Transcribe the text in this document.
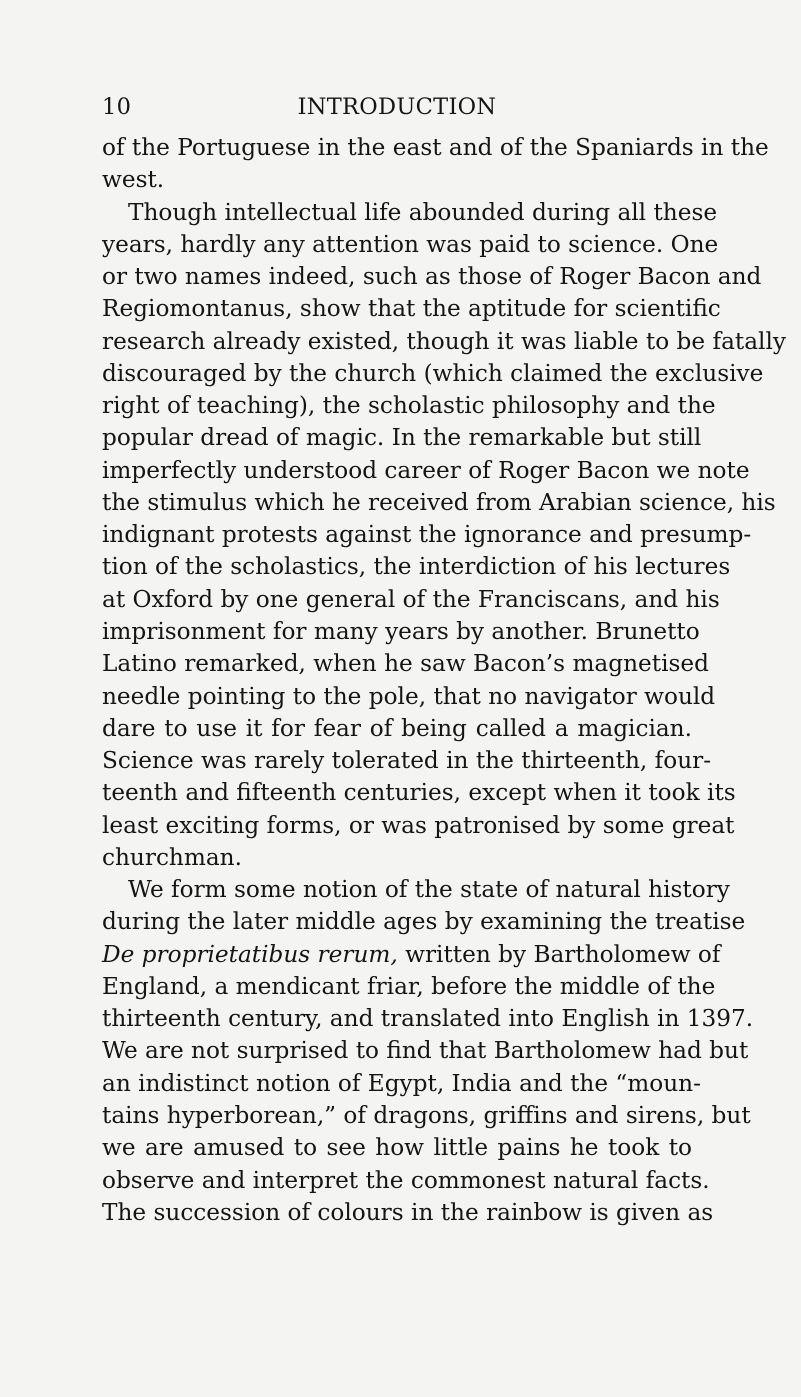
10	INTRODUCTION
of the Portuguese in the east and of the Spaniards in the
west.
Though intellectual life abounded during all these
years, hardly any attention was paid to science. One
or two names indeed, such as those of Roger Bacon and
Regiomontanus, show that the aptitude for scientific
research already existed, though it was liable to be fatally
discouraged by the church (which claimed the exclusive
right of teaching), the scholastic philosophy and the
popular dread of magic. In the remarkable but still
imperfectly understood career of Roger Bacon we note
the stimulus which he received from Arabian science, his
indignant protests against the ignorance and presump-
tion of the scholastics, the interdiction of his lectures
at Oxford by one general of the Franciscans, and his
imprisonment for many years by another. Brunetto
Latino remarked, when he saw Bacon’s magnetised
needle pointing to the pole, that no navigator would
dare to use it for fear of being called a magician.
Science was rarely tolerated in the thirteenth, four-
teenth and fifteenth centuries, except when it took its
least exciting forms, or was patronised by some great
churchman.
We form some notion of the state of natural history
during the later middle ages by examining the treatise
De proprietatibus rerum, written by Bartholomew of
England, a mendicant friar, before the middle of the
thirteenth century, and translated into English in 1397.
We are not surprised to find that Bartholomew had but
an indistinct notion of Egypt, India and the “moun-
tains hyperborean,” of dragons, griffins and sirens, but
we are amused to see how little pains he took to
observe and interpret the commonest natural facts.
The succession of colours in the rainbow is given as
